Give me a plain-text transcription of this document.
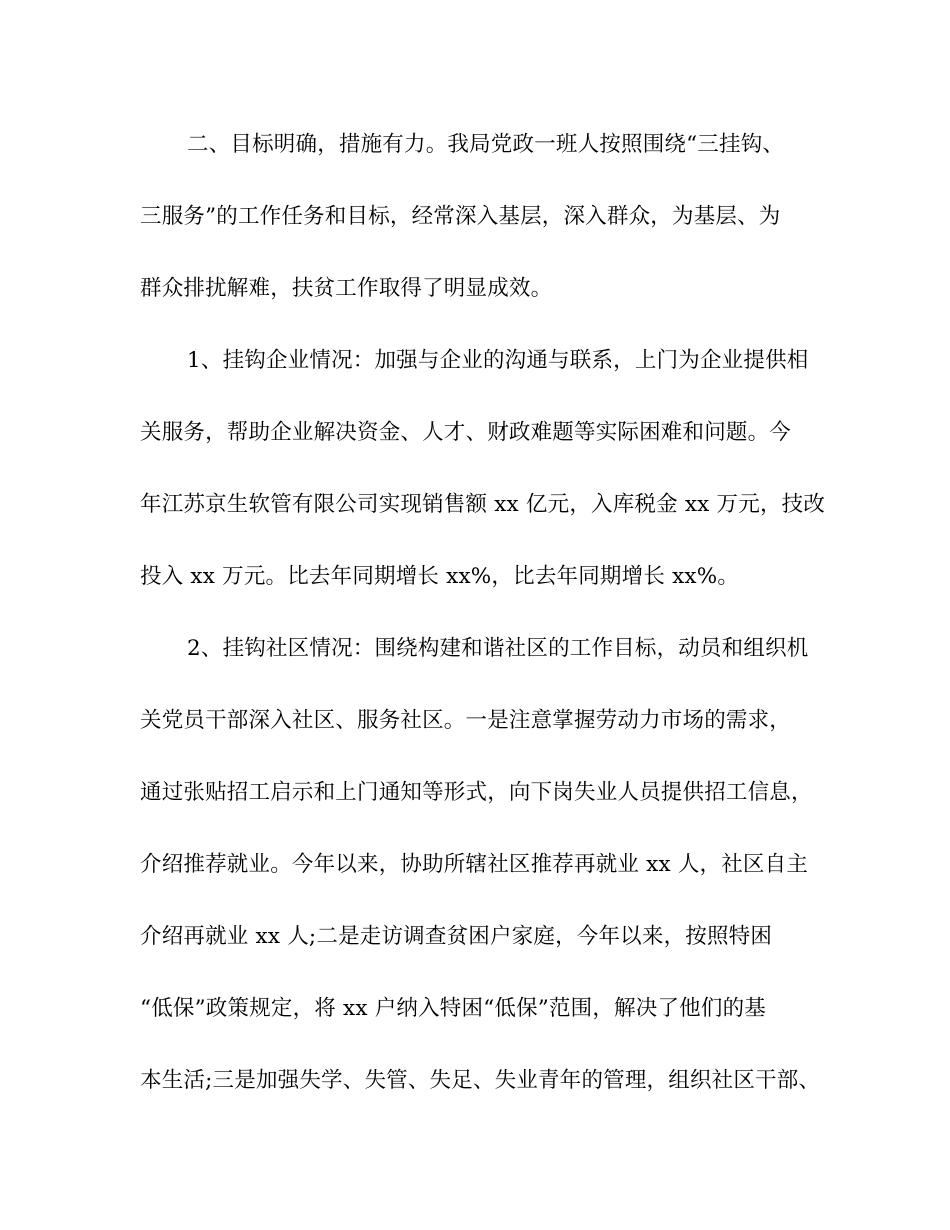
二、目标明确，措施有力。我局党政一班人按照围绕“三挂钩、
三服务”的工作任务和目标，经常深入基层，深入群众，为基层、为
群众排扰解难，扶贫工作取得了明显成效。
1、挂钩企业情况：加强与企业的沟通与联系，上门为企业提供相
关服务，帮助企业解决资金、人才、财政难题等实际困难和问题。今
年江苏京生软管有限公司实现销售额 xx 亿元，入库税金 xx 万元，技改
投入 xx 万元。比去年同期增长 xx%，比去年同期增长 xx%。
2、挂钩社区情况：围绕构建和谐社区的工作目标，动员和组织机
关党员干部深入社区、服务社区。一是注意掌握劳动力市场的需求，
通过张贴招工启示和上门通知等形式，向下岗失业人员提供招工信息，
介绍推荐就业。今年以来，协助所辖社区推荐再就业 xx 人，社区自主
介绍再就业 xx 人;二是走访调查贫困户家庭，今年以来，按照特困
“低保”政策规定，将 xx 户纳入特困“低保”范围，解决了他们的基
本生活;三是加强失学、失管、失足、失业青年的管理，组织社区干部、
